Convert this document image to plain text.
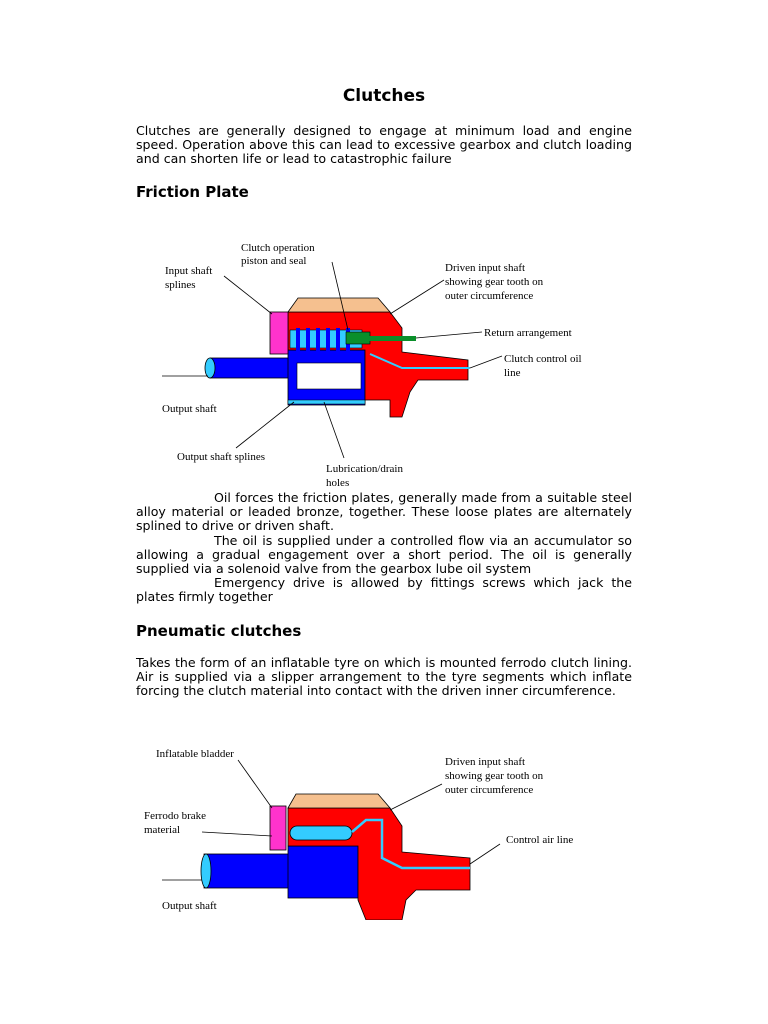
Clutches

Clutches are generally designed to engage at minimum load and engine speed. Operation above this can lead to excessive gearbox and clutch loading and can shorten life or lead to catastrophic failure

Friction Plate
Clutch operation
piston and seal
Input shaft
splines
Driven input shaft
showing gear tooth on
outer circumference
Return arrangement
Clutch control oil
line
Output shaft
Output shaft splines
Lubrication/drain
holes

Oil forces the friction plates, generally made from a suitable steel alloy material or leaded bronze, together. These loose plates are alternately splined to drive or driven shaft.

The oil is supplied under a controlled flow via an accumulator so allowing a gradual engagement over a short period. The oil is generally supplied via a solenoid valve from the gearbox lube oil system

Emergency drive is allowed by fittings screws which jack the plates firmly together

Pneumatic clutches

Takes the form of an inflatable tyre on which is mounted ferrodo clutch lining. Air is supplied via a slipper arrangement to the tyre segments which inflate forcing the clutch material into contact with the driven inner circumference.

Inflatable bladder
Ferrodo brake
material
Driven input shaft
showing gear tooth on
outer circumference
Control air line
Output shaft
